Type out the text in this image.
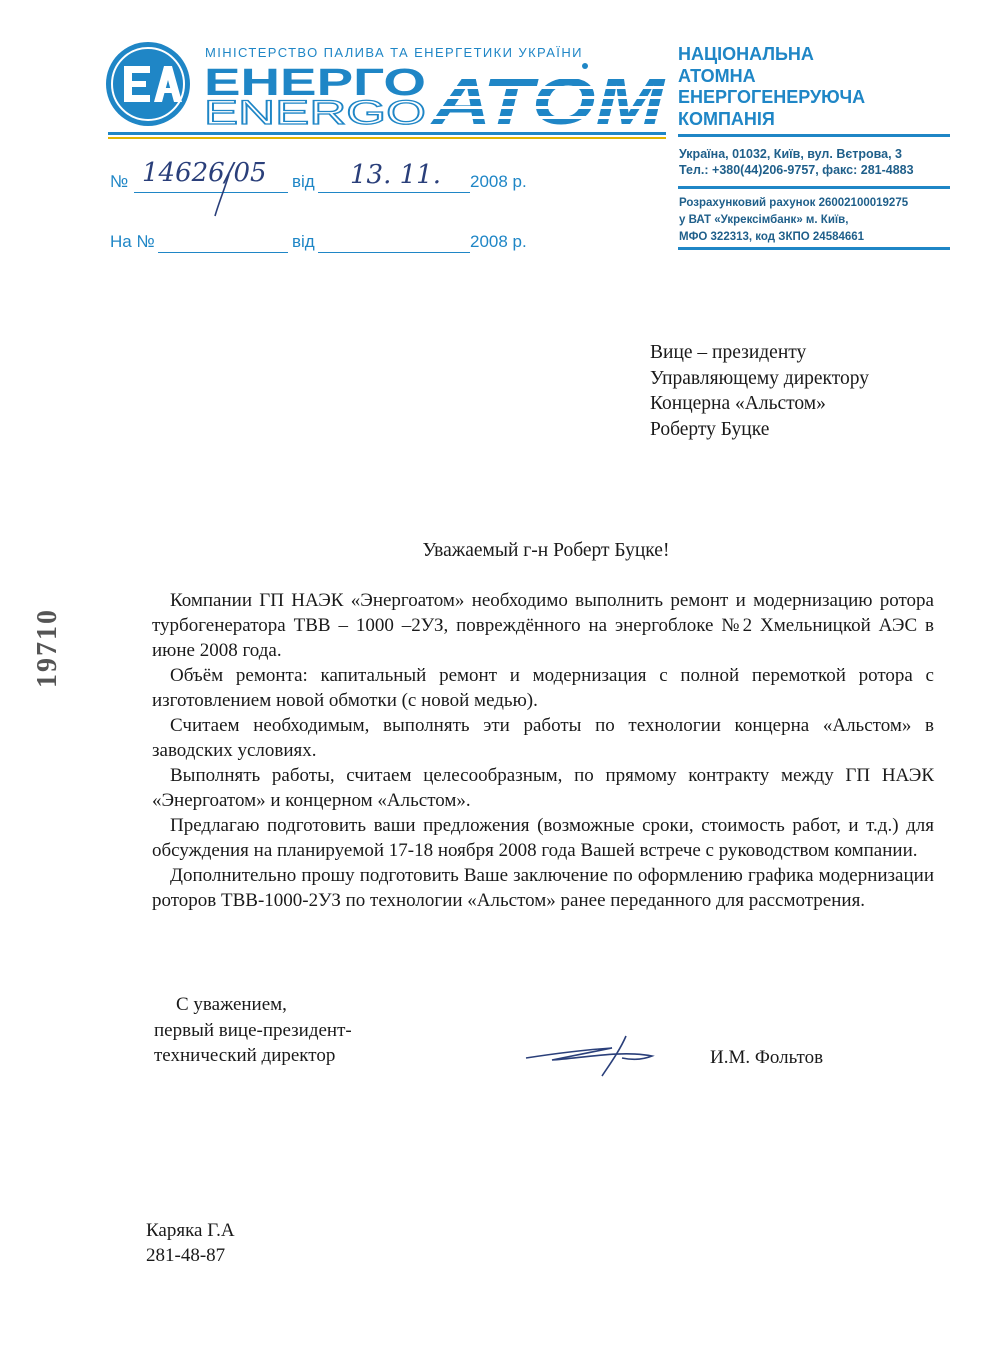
МІНІСТЕРСТВО ПАЛИВА ТА ЕНЕРГЕТИКИ УКРАЇНИ
ЕНЕРГО
ENERGO
НАЦІОНАЛЬНА
АТОМНА
ЕНЕРГОГЕНЕРУЮЧА
КОМПАНІЯ
Україна, 01032, Київ, вул. Вєтрова, 3
Тел.: +380(44)206-9757, факс: 281-4883
Розрахунковий рахунок 26002100019275
у ВАТ «Укрексімбанк» м. Київ,
МФО 322313, код ЗКПО 24584661
№ 14626/05 від 13. 11. 2008 р.
На №	від	2008 р.
Вице – президенту
Управляющему директору
Концерна «Альстом»
Роберту Буцке
19710
Уважаемый г-н Роберт Буцке!

Компании ГП НАЭК «Энергоатом» необходимо выполнить ремонт и модернизацию ротора турбогенератора ТВВ – 1000 –2УЗ, повреждённого на энергоблоке №2 Хмельницкой АЭС в июне 2008 года.

Объём ремонта: капитальный ремонт и модернизация с полной перемоткой ротора с изготовлением новой обмотки (с новой медью).

Считаем необходимым, выполнять эти работы по технологии концерна «Альстом» в заводских условиях.

Выполнять работы, считаем целесообразным, по прямому контракту между ГП НАЭК «Энергоатом» и концерном «Альстом».

Предлагаю подготовить ваши предложения (возможные сроки, стоимость работ, и т.д.) для обсуждения на планируемой 17-18 ноября 2008 года Вашей встрече с руководством компании.

Дополнительно прошу подготовить Ваше заключение по оформлению графика модернизации роторов ТВВ-1000-2УЗ по технологии «Альстом» ранее переданного для рассмотрения.

С уважением,
первый вице-президент-
технический директор	И.М. Фольтов
Каряка Г.А
281-48-87
